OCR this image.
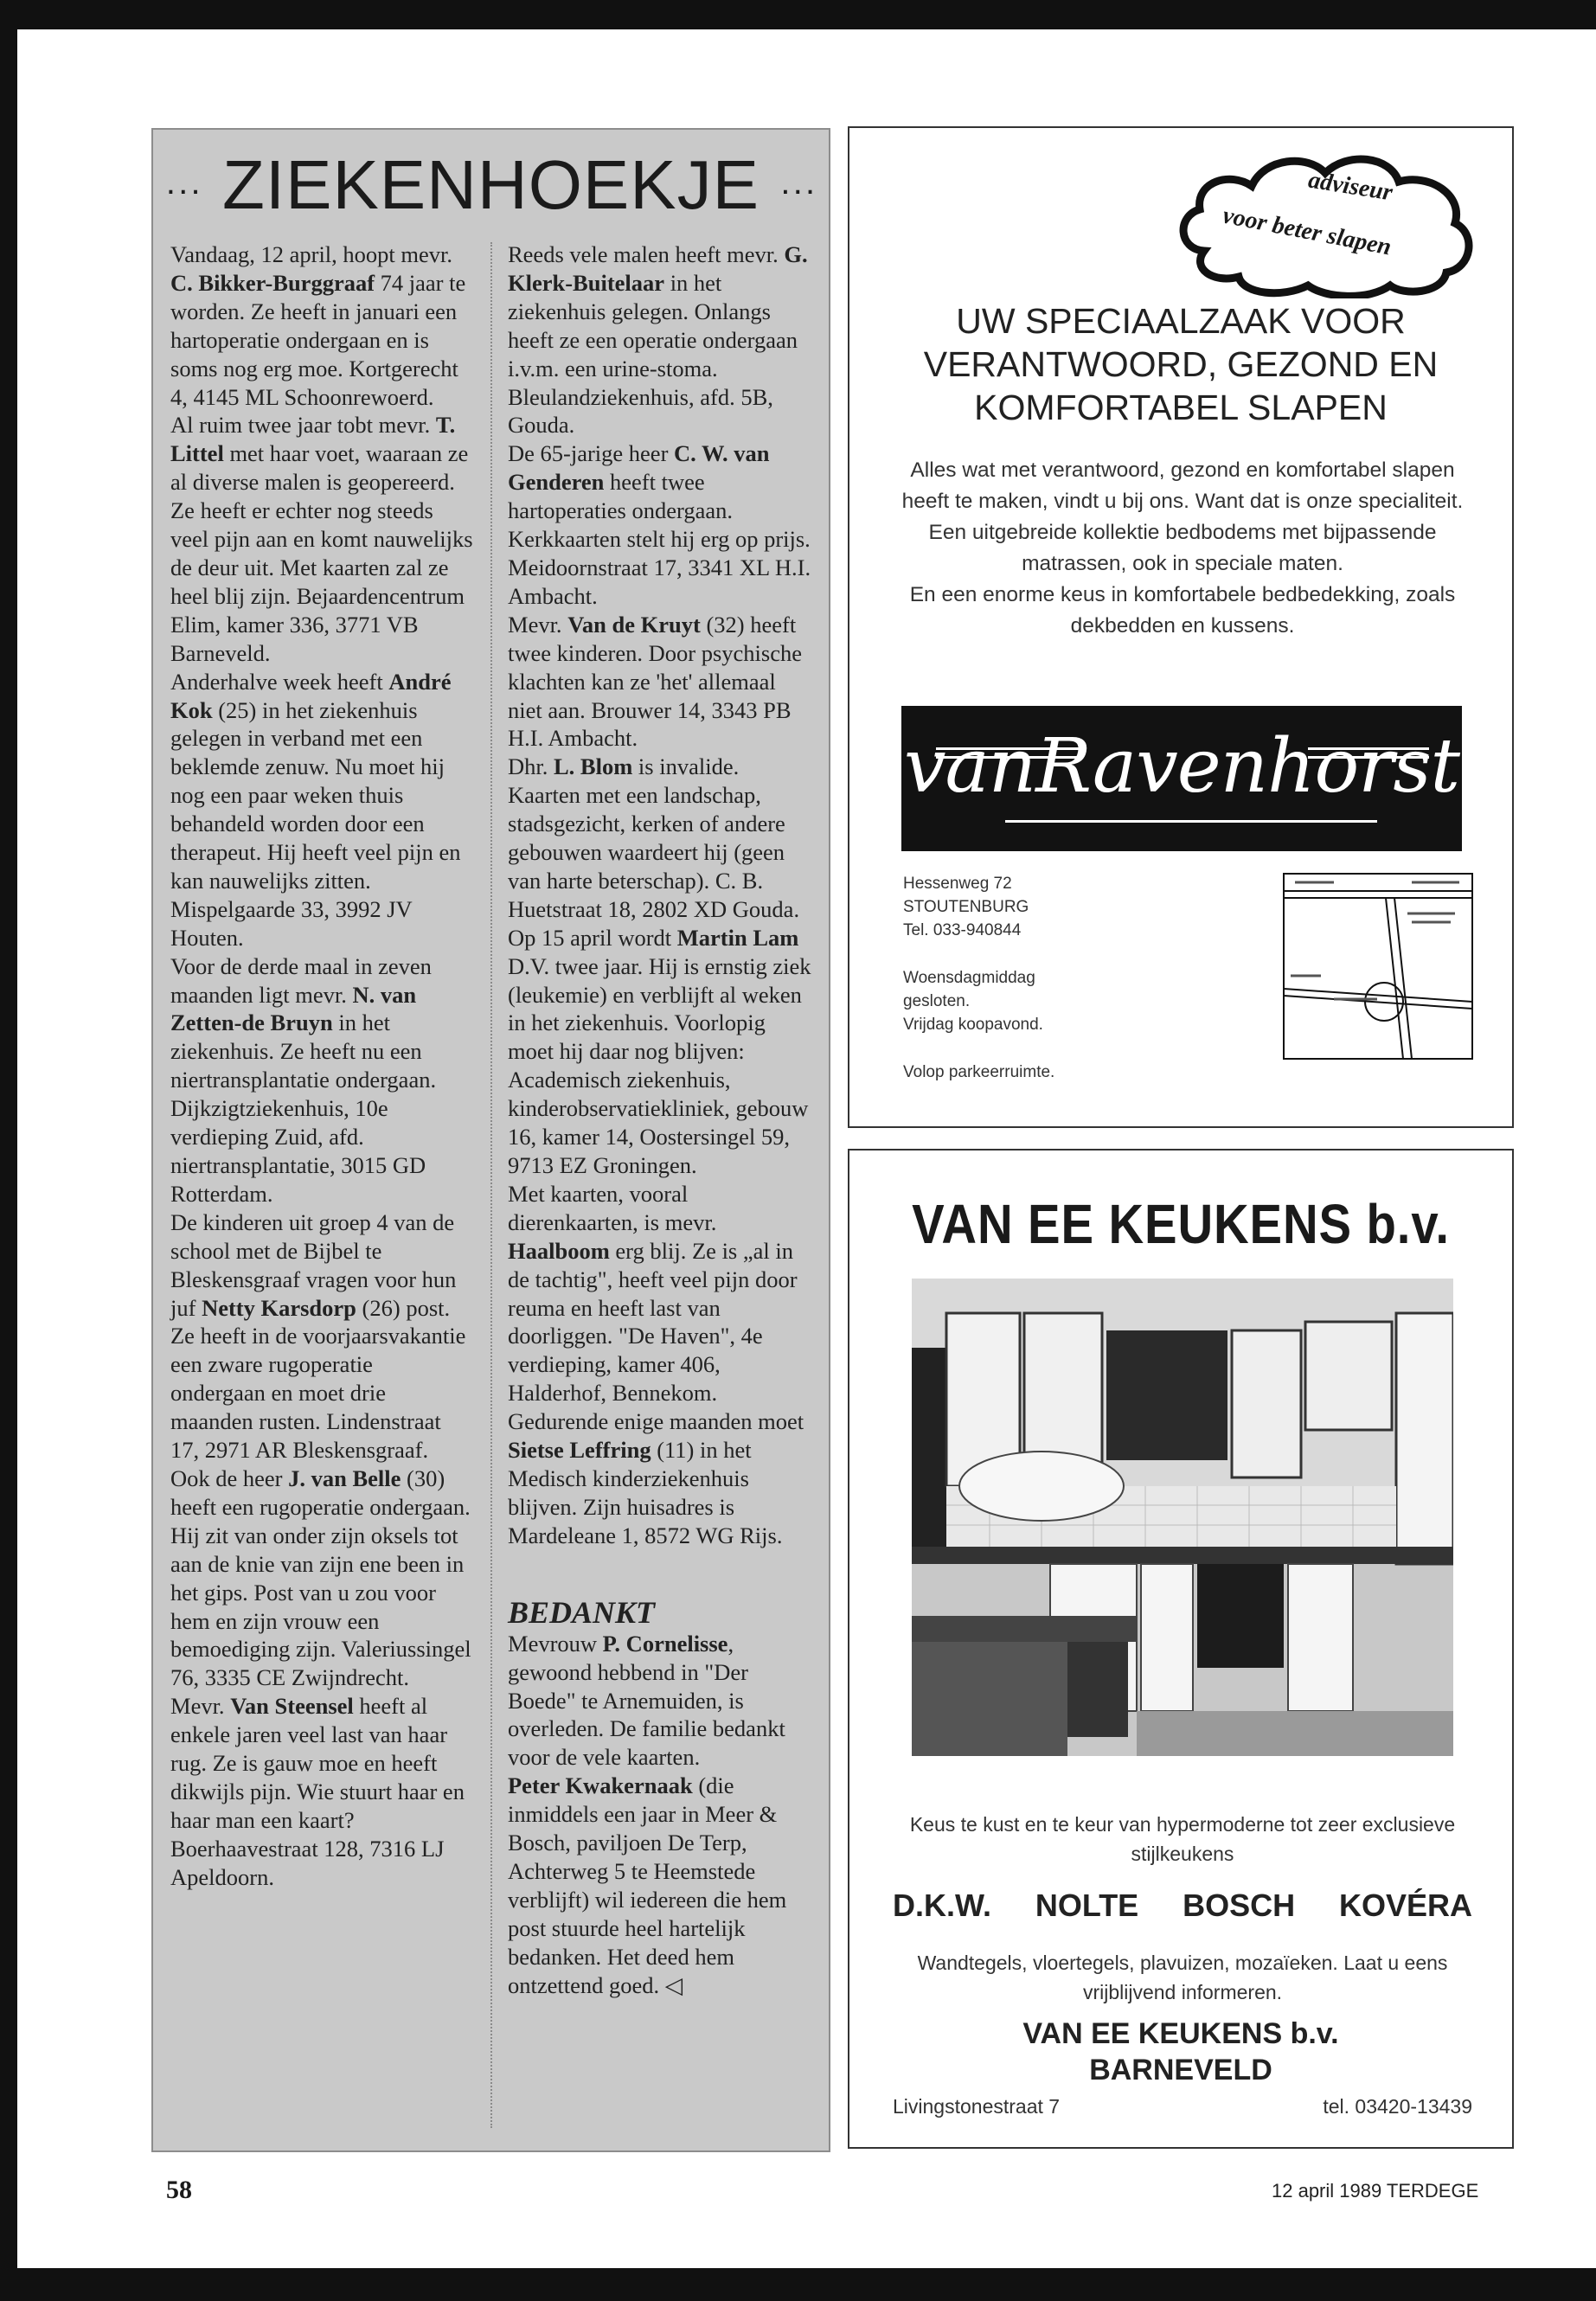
··· ZIEKENHOEKJE ···

Vandaag, 12 april, hoopt mevr. C. Bikker-Burggraaf 74 jaar te worden. Ze heeft in januari een hartoperatie ondergaan en is soms nog erg moe. Kortgerecht 4, 4145 ML Schoonrewoerd.

Al ruim twee jaar tobt mevr. T. Littel met haar voet, waaraan ze al diverse malen is geopereerd. Ze heeft er echter nog steeds veel pijn aan en komt nauwelijks de deur uit. Met kaarten zal ze heel blij zijn. Bejaardencentrum Elim, kamer 336, 3771 VB Barneveld.

Anderhalve week heeft André Kok (25) in het ziekenhuis gelegen in verband met een beklemde zenuw. Nu moet hij nog een paar weken thuis behandeld worden door een therapeut. Hij heeft veel pijn en kan nauwelijks zitten. Mispelgaarde 33, 3992 JV Houten.

Voor de derde maal in zeven maanden ligt mevr. N. van Zetten-de Bruyn in het ziekenhuis. Ze heeft nu een niertransplantatie ondergaan. Dijkzigtziekenhuis, 10e verdieping Zuid, afd. niertransplantatie, 3015 GD Rotterdam.

De kinderen uit groep 4 van de school met de Bijbel te Bleskensgraaf vragen voor hun juf Netty Karsdorp (26) post. Ze heeft in de voorjaarsvakantie een zware rugoperatie ondergaan en moet drie maanden rusten. Lindenstraat 17, 2971 AR Bleskensgraaf.

Ook de heer J. van Belle (30) heeft een rugoperatie ondergaan. Hij zit van onder zijn oksels tot aan de knie van zijn ene been in het gips. Post van u zou voor hem en zijn vrouw een bemoediging zijn. Valeriussingel 76, 3335 CE Zwijndrecht.

Mevr. Van Steensel heeft al enkele jaren veel last van haar rug. Ze is gauw moe en heeft dikwijls pijn. Wie stuurt haar en haar man een kaart? Boerhaavestraat 128, 7316 LJ Apeldoorn.

Reeds vele malen heeft mevr. G. Klerk-Buitelaar in het ziekenhuis gelegen. Onlangs heeft ze een operatie ondergaan i.v.m. een urine-stoma. Bleulandziekenhuis, afd. 5B, Gouda.

De 65-jarige heer C. W. van Genderen heeft twee hartoperaties ondergaan. Kerkkaarten stelt hij erg op prijs. Meidoornstraat 17, 3341 XL H.I. Ambacht.

Mevr. Van de Kruyt (32) heeft twee kinderen. Door psychische klachten kan ze 'het' allemaal niet aan. Brouwer 14, 3343 PB H.I. Ambacht.

Dhr. L. Blom is invalide. Kaarten met een landschap, stadsgezicht, kerken of andere gebouwen waardeert hij (geen van harte beterschap). C. B. Huetstraat 18, 2802 XD Gouda.

Op 15 april wordt Martin Lam D.V. twee jaar. Hij is ernstig ziek (leukemie) en verblijft al weken in het ziekenhuis. Voorlopig moet hij daar nog blijven: Academisch ziekenhuis, kinderobservatiekliniek, gebouw 16, kamer 14, Oostersingel 59, 9713 EZ Groningen.

Met kaarten, vooral dierenkaarten, is mevr. Haalboom erg blij. Ze is „al in de tachtig", heeft veel pijn door reuma en heeft last van doorliggen. "De Haven", 4e verdieping, kamer 406, Halderhof, Bennekom.

Gedurende enige maanden moet Sietse Leffring (11) in het Medisch kinderziekenhuis blijven. Zijn huisadres is Mardeleane 1, 8572 WG Rijs.

BEDANKT

Mevrouw P. Cornelisse, gewoond hebbend in "Der Boede" te Arnemuiden, is overleden. De familie bedankt voor de vele kaarten.

Peter Kwakernaak (die inmiddels een jaar in Meer & Bosch, paviljoen De Terp, Achterweg 5 te Heemstede verblijft) wil iedereen die hem post stuurde heel hartelijk bedanken. Het deed hem ontzettend goed. ◁

adviseur
voor beter slapen
UW SPECIAALZAAK VOOR
VERANTWOORD, GEZOND EN
KOMFORTABEL SLAPEN

Alles wat met verantwoord, gezond en komfortabel slapen heeft te maken, vindt u bij ons. Want dat is onze specialiteit. Een uitgebreide kollektie bedbodems met bijpassende matrassen, ook in speciale maten.

En een enorme keus in komfortabele bedbedekking, zoals dekbedden en kussens.

vanRavenhorst

Hessenweg 72

STOUTENBURG

Tel. 033-940844

Woensdagmiddag

gesloten.

Vrijdag koopavond.

Volop parkeerruimte.

VAN EE KEUKENS b.v.
Keus te kust en te keur van hypermoderne tot zeer exclusieve stijlkeukens
D.K.W. NOLTE BOSCH KOVÉRA
Wandtegels, vloertegels, plavuizen, mozaïeken. Laat u eens vrijblijvend informeren.
VAN EE KEUKENS b.v.
BARNEVELD
Livingstonestraat 7	tel. 03420-13439
58	12 april 1989 TERDEGE
